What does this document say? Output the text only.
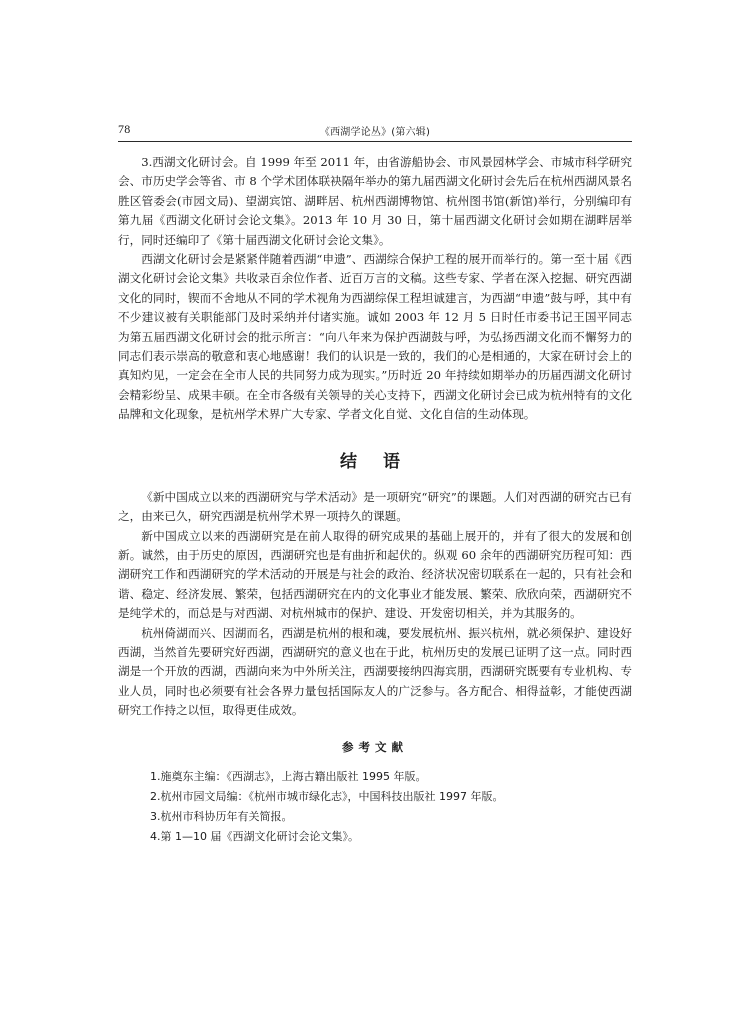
78	《西湖学论丛》(第六辑)

3.西湖文化研讨会。自 1999 年至 2011 年，由省游船协会、市风景园林学会、市城市科学研究会、市历史学会等省、市 8 个学术团体联袂隔年举办的第九届西湖文化研讨会先后在杭州西湖风景名胜区管委会(市园文局)、望湖宾馆、湖畔居、杭州西湖博物馆、杭州图书馆(新馆)举行，分别编印有第九届《西湖文化研讨会论文集》。2013 年 10 月 30 日，第十届西湖文化研讨会如期在湖畔居举行，同时还编印了《第十届西湖文化研讨会论文集》。

西湖文化研讨会是紧紧伴随着西湖“申遗”、西湖综合保护工程的展开而举行的。第一至十届《西湖文化研讨会论文集》共收录百余位作者、近百万言的文稿。这些专家、学者在深入挖掘、研究西湖文化的同时，锲而不舍地从不同的学术视角为西湖综保工程坦诚建言，为西湖“申遗”鼓与呼，其中有不少建议被有关职能部门及时采纳并付诸实施。诚如 2003 年 12 月 5 日时任市委书记王国平同志为第五届西湖文化研讨会的批示所言：“向八年来为保护西湖鼓与呼，为弘扬西湖文化而不懈努力的同志们表示崇高的敬意和衷心地感谢！我们的认识是一致的，我们的心是相通的，大家在研讨会上的真知灼见，一定会在全市人民的共同努力成为现实。”历时近 20 年持续如期举办的历届西湖文化研讨会精彩纷呈、成果丰硕。在全市各级有关领导的关心支持下，西湖文化研讨会已成为杭州特有的文化品牌和文化现象，是杭州学术界广大专家、学者文化自觉、文化自信的生动体现。

结 语

《新中国成立以来的西湖研究与学术活动》是一项研究“研究”的课题。人们对西湖的研究古已有之，由来已久，研究西湖是杭州学术界一项持久的课题。

新中国成立以来的西湖研究是在前人取得的研究成果的基础上展开的，并有了很大的发展和创新。诚然，由于历史的原因，西湖研究也是有曲折和起伏的。纵观 60 余年的西湖研究历程可知：西湖研究工作和西湖研究的学术活动的开展是与社会的政治、经济状况密切联系在一起的，只有社会和谐、稳定、经济发展、繁荣，包括西湖研究在内的文化事业才能发展、繁荣、欣欣向荣，西湖研究不是纯学术的，而总是与对西湖、对杭州城市的保护、建设、开发密切相关，并为其服务的。

杭州倚湖而兴、因湖而名，西湖是杭州的根和魂，要发展杭州、振兴杭州，就必须保护、建设好西湖，当然首先要研究好西湖，西湖研究的意义也在于此，杭州历史的发展已证明了这一点。同时西湖是一个开放的西湖，西湖向来为中外所关注，西湖要接纳四海宾朋，西湖研究既要有专业机构、专业人员，同时也必须要有社会各界力量包括国际友人的广泛参与。各方配合、相得益彰，才能使西湖研究工作持之以恒，取得更佳成效。

参考文献
1.施奠东主编：《西湖志》，上海古籍出版社 1995 年版。
2.杭州市园文局编：《杭州市城市绿化志》，中国科技出版社 1997 年版。
3.杭州市科协历年有关简报。
4.第 1—10 届《西湖文化研讨会论文集》。
